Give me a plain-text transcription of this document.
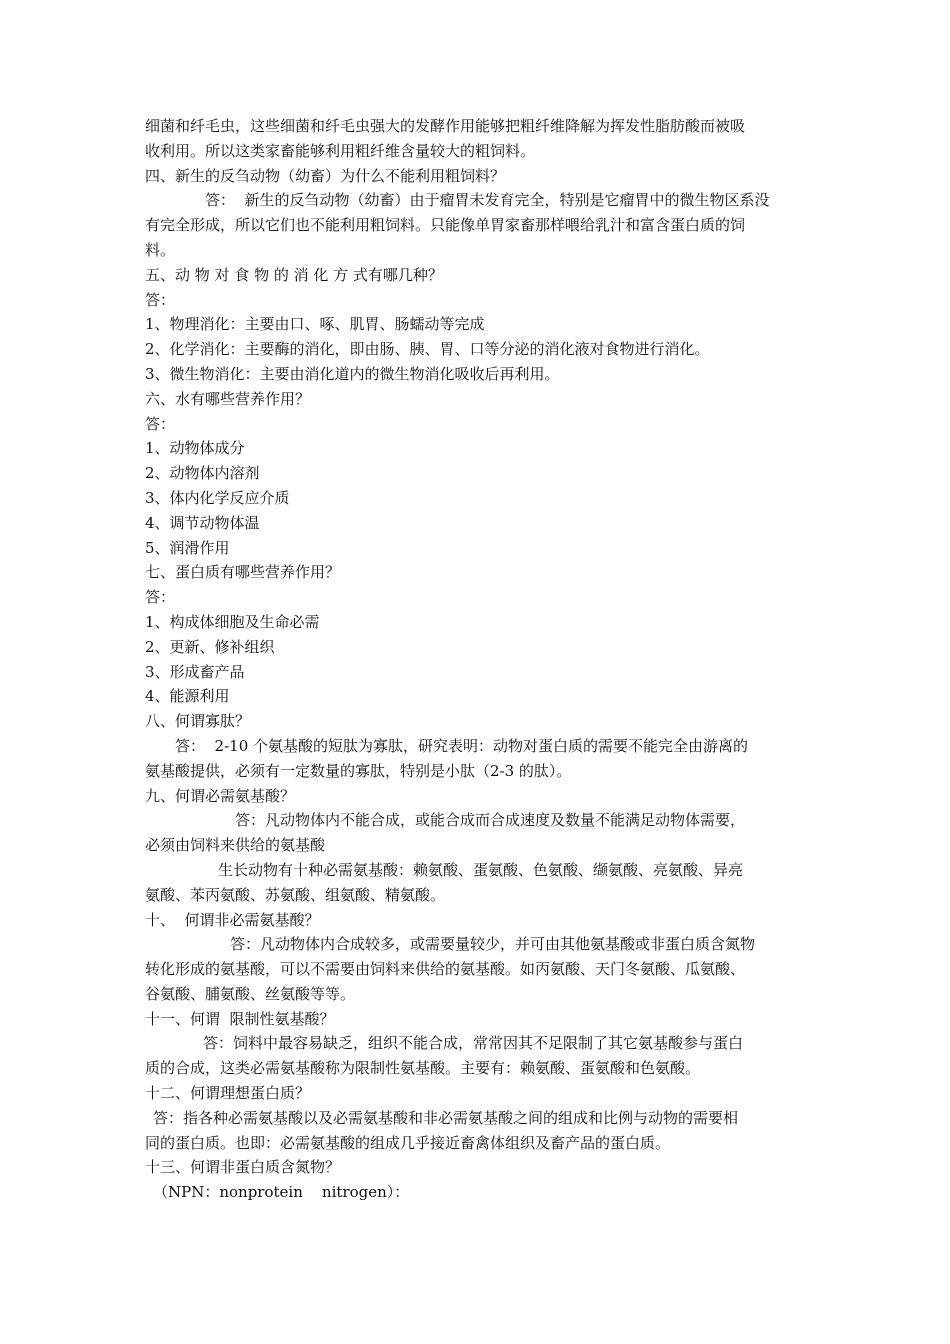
细菌和纤毛虫，这些细菌和纤毛虫强大的发酵作用能够把粗纤维降解为挥发性脂肪酸而被吸
收利用。所以这类家畜能够利用粗纤维含量较大的粗饲料。
四、新生的反刍动物（幼畜）为什么不能利用粗饲料？
答：  新生的反刍动物（幼畜）由于瘤胃未发育完全，特别是它瘤胃中的微生物区系没
有完全形成，所以它们也不能利用粗饲料。只能像单胃家畜那样喂给乳汁和富含蛋白质的饲
料。
五、动 物 对 食 物 的 消 化 方 式有哪几种？
答：
1、物理消化：主要由口、啄、肌胃、肠蠕动等完成
2、化学消化：主要酶的消化，即由肠、胰、胃、口等分泌的消化液对食物进行消化。
3、微生物消化：主要由消化道内的微生物消化吸收后再利用。
六、水有哪些营养作用？
答：
1、动物体成分
2、动物体内溶剂
3、体内化学反应介质
4、调节动物体温
5、润滑作用
七、蛋白质有哪些营养作用？
答：
1、构成体细胞及生命必需
2、更新、修补组织
3、形成畜产品
4、能源利用
八、何谓寡肽？
答：  2-10 个氨基酸的短肽为寡肽，研究表明：动物对蛋白质的需要不能完全由游离的
氨基酸提供，必须有一定数量的寡肽，特别是小肽（2-3 的肽）。
九、何谓必需氨基酸？
答：凡动物体内不能合成，或能合成而合成速度及数量不能满足动物体需要，
必须由饲料来供给的氨基酸
生长动物有十种必需氨基酸：赖氨酸、蛋氨酸、色氨酸、缬氨酸、亮氨酸、异亮
氨酸、苯丙氨酸、苏氨酸、组氨酸、精氨酸。
十、  何谓非必需氨基酸？
答：凡动物体内合成较多，或需要量较少，并可由其他氨基酸或非蛋白质含氮物
转化形成的氨基酸，可以不需要由饲料来供给的氨基酸。如丙氨酸、天门冬氨酸、瓜氨酸、
谷氨酸、脯氨酸、丝氨酸等等。
十一、何谓  限制性氨基酸？
答：饲料中最容易缺乏，组织不能合成，常常因其不足限制了其它氨基酸参与蛋白
质的合成，这类必需氨基酸称为限制性氨基酸。主要有：赖氨酸、蛋氨酸和色氨酸。
十二、何谓理想蛋白质？
答：指各种必需氨基酸以及必需氨基酸和非必需氨基酸之间的组成和比例与动物的需要相
同的蛋白质。也即：必需氨基酸的组成几乎接近畜禽体组织及畜产品的蛋白质。
十三、何谓非蛋白质含氮物？
（NPN：nonprotein    nitrogen）：
